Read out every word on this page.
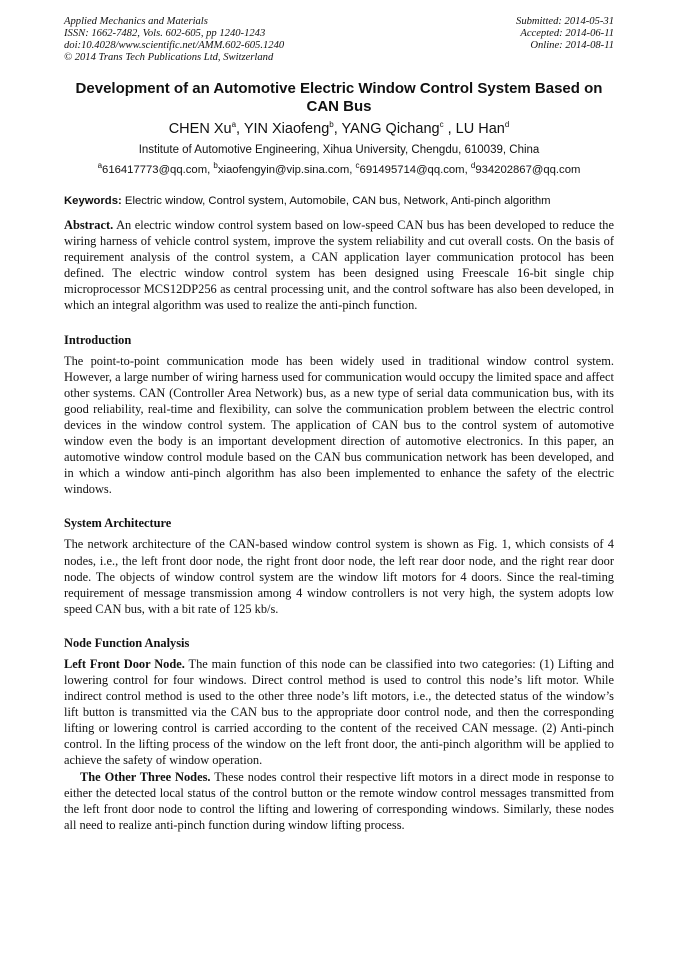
Applied Mechanics and Materials
ISSN: 1662-7482, Vols. 602-605, pp 1240-1243
doi:10.4028/www.scientific.net/AMM.602-605.1240
© 2014 Trans Tech Publications Ltd, Switzerland
Submitted: 2014-05-31
Accepted: 2014-06-11
Online: 2014-08-11
Development of an Automotive Electric Window Control System Based on CAN Bus
CHEN Xu$^a$, YIN Xiaofeng$^b$, YANG Qichang$^c$ , LU Han$^d$
Institute of Automotive Engineering, Xihua University, Chengdu, 610039, China
$^a$616417773@qq.com, $^b$xiaofengyin@vip.sina.com, $^c$691495714@qq.com, $^d$934202867@qq.com
Keywords: Electric window, Control system, Automobile, CAN bus, Network, Anti-pinch algorithm
Abstract. An electric window control system based on low-speed CAN bus has been developed to reduce the wiring harness of vehicle control system, improve the system reliability and cut overall costs. On the basis of requirement analysis of the control system, a CAN application layer communication protocol has been defined. The electric window control system has been designed using Freescale 16-bit single chip microprocessor MCS12DP256 as central processing unit, and the control software has also been developed, in which an integral algorithm was used to realize the anti-pinch function.
Introduction
The point-to-point communication mode has been widely used in traditional window control system. However, a large number of wiring harness used for communication would occupy the limited space and affect other systems. CAN (Controller Area Network) bus, as a new type of serial data communication bus, with its good reliability, real-time and flexibility, can solve the communication problem between the electric control devices in the window control system. The application of CAN bus to the control system of automotive window even the body is an important development direction of automotive electronics. In this paper, an automotive window control module based on the CAN bus communication network has been developed, and in which a window anti-pinch algorithm has also been implemented to enhance the safety of the electric windows.
System Architecture
The network architecture of the CAN-based window control system is shown as Fig. 1, which consists of 4 nodes, i.e., the left front door node, the right front door node, the left rear door node, and the right rear door node. The objects of window control system are the window lift motors for 4 doors. Since the real-timing requirement of message transmission among 4 window controllers is not very high, the system adopts low speed CAN bus, with a bit rate of 125 kb/s.
Node Function Analysis
Left Front Door Node. The main function of this node can be classified into two categories: (1) Lifting and lowering control for four windows. Direct control method is used to control this node’s lift motor. While indirect control method is used to the other three node’s lift motors, i.e., the detected status of the window’s lift button is transmitted via the CAN bus to the appropriate door control node, and then the corresponding lifting or lowering control is carried according to the content of the received CAN message. (2) Anti-pinch control. In the lifting process of the window on the left front door, the anti-pinch algorithm will be applied to achieve the safety of window operation.
The Other Three Nodes. These nodes control their respective lift motors in a direct mode in response to either the detected local status of the control button or the remote window control messages transmitted from the left front door node to control the lifting and lowering of corresponding windows. Similarly, these nodes all need to realize anti-pinch function during window lifting process.
